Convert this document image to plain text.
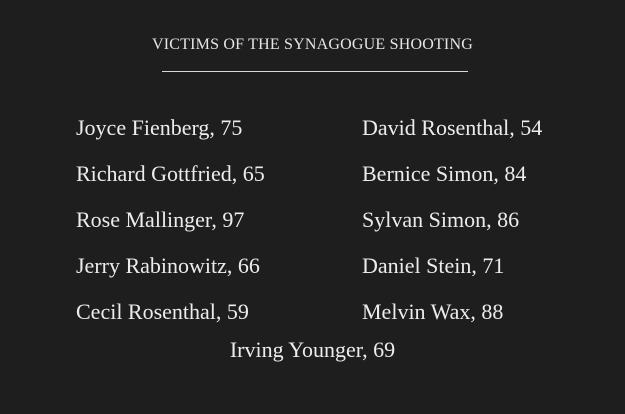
VICTIMS OF THE SYNAGOGUE SHOOTING
Joyce Fienberg, 75
Richard Gottfried, 65
Rose Mallinger, 97
Jerry Rabinowitz, 66
Cecil Rosenthal, 59
David Rosenthal, 54
Bernice Simon, 84
Sylvan Simon, 86
Daniel Stein, 71
Melvin Wax, 88
Irving Younger, 69
